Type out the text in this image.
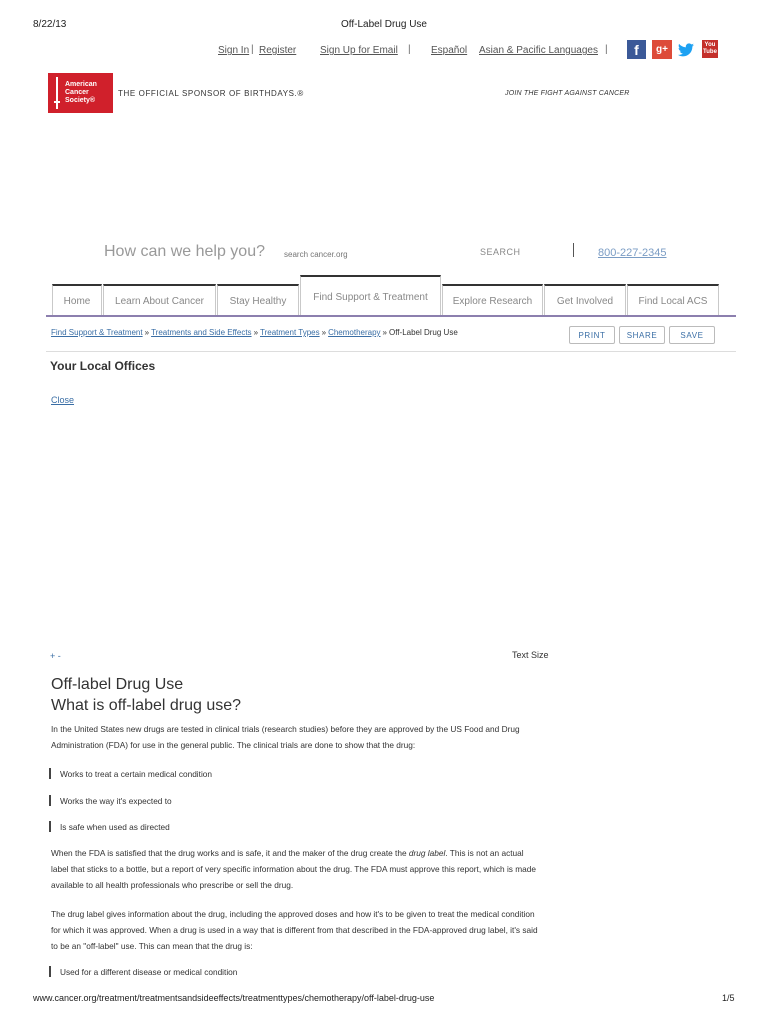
8/22/13	Off-Label Drug Use
Sign In | Register Sign Up for Email | Español Asian & Pacific Languages |	f	g+	You
Tube
American
Cancer
Society®
THE OFFICIAL SPONSOR OF BIRTHDAYS.®	JOIN THE FIGHT AGAINST CANCER
How can we help you?
search cancer.org	SEARCH	800-227-2345
Home	Learn About Cancer	Stay Healthy	Find Support & Treatment	Explore Research	Get Involved	Find Local ACS
Find Support & Treatment » Treatments and Side Effects » Treatment Types » Chemotherapy » Off-Label Drug Use	PRINT	SHARE	SAVE
Your Local Offices
Close
+ -	Text Size
Off-label Drug Use
What is off-label drug use?
In the United States new drugs are tested in clinical trials (research studies) before they are approved by the US Food and Drug Administration (FDA) for use in the general public. The clinical trials are done to show that the drug:
Works to treat a certain medical condition
Works the way it's expected to
Is safe when used as directed
When the FDA is satisfied that the drug works and is safe, it and the maker of the drug create the drug label. This is not an actual label that sticks to a bottle, but a report of very specific information about the drug. The FDA must approve this report, which is made available to all health professionals who prescribe or sell the drug.
The drug label gives information about the drug, including the approved doses and how it's to be given to treat the medical condition for which it was approved. When a drug is used in a way that is different from that described in the FDA-approved drug label, it's said to be an "off-label" use. This can mean that the drug is:
Used for a different disease or medical condition
www.cancer.org/treatment/treatmentsandsideeffects/treatmenttypes/chemotherapy/off-label-drug-use	1/5
